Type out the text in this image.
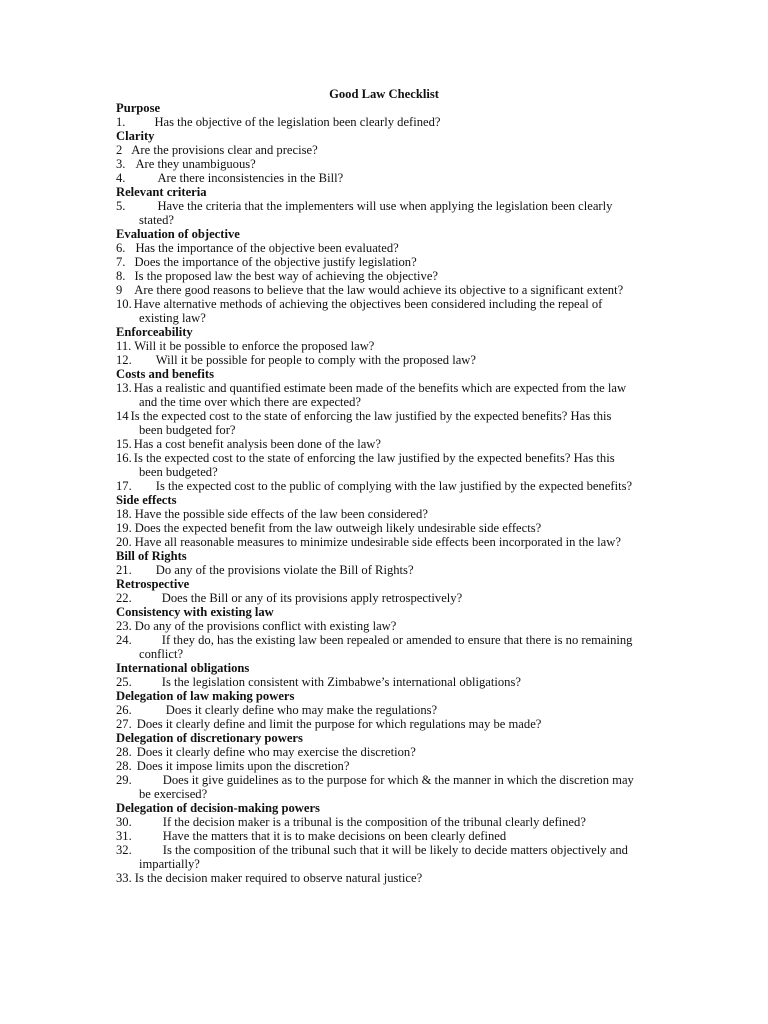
Good Law Checklist
Purpose
1. Has the objective of the legislation been clearly defined?
Clarity
2 Are the provisions clear and precise?
3. Are they unambiguous?
4.	Are there inconsistencies in the Bill?
Relevant criteria
5.	Have the criteria that the implementers will use when applying the legislation been clearly
stated?
Evaluation of objective
6. Has the importance of the objective been evaluated?
7. Does the importance of the objective justify legislation?
8. Is the proposed law the best way of achieving the objective?
9 Are there good reasons to believe that the law would achieve its objective to a significant extent?
10. Have alternative methods of achieving the objectives been considered including the repeal of
existing law?
Enforceability
11. Will it be possible to enforce the proposed law?
12. Will it be possible for people to comply with the proposed law?
Costs and benefits
13. Has a realistic and quantified estimate been made of the benefits which are expected from the law
and the time over which there are expected?
14 Is the expected cost to the state of enforcing the law justified by the expected benefits? Has this
been budgeted for?
15. Has a cost benefit analysis been done of the law?
16. Is the expected cost to the state of enforcing the law justified by the expected benefits? Has this
been budgeted?
17. Is the expected cost to the public of complying with the law justified by the expected benefits?
Side effects
18. Have the possible side effects of the law been considered?
19. Does the expected benefit from the law outweigh likely undesirable side effects?
20. Have all reasonable measures to minimize undesirable side effects been incorporated in the law?
Bill of Rights
21. Do any of the provisions violate the Bill of Rights?
Retrospective
22. Does the Bill or any of its provisions apply retrospectively?
Consistency with existing law
23. Do any of the provisions conflict with existing law?
24. If they do, has the existing law been repealed or amended to ensure that there is no remaining
conflict?
International obligations
25. Is the legislation consistent with Zimbabwe’s international obligations?
Delegation of law making powers
26.	Does it clearly define who may make the regulations?
27. Does it clearly define and limit the purpose for which regulations may be made?
Delegation of discretionary powers
28. Does it clearly define who may exercise the discretion?
28. Does it impose limits upon the discretion?
29. Does it give guidelines as to the purpose for which & the manner in which the discretion may
be exercised?
Delegation of decision-making powers
30. If the decision maker is a tribunal is the composition of the tribunal clearly defined?
31. Have the matters that it is to make decisions on been clearly defined
32. Is the composition of the tribunal such that it will be likely to decide matters objectively and
impartially?
33. Is the decision maker required to observe natural justice?
